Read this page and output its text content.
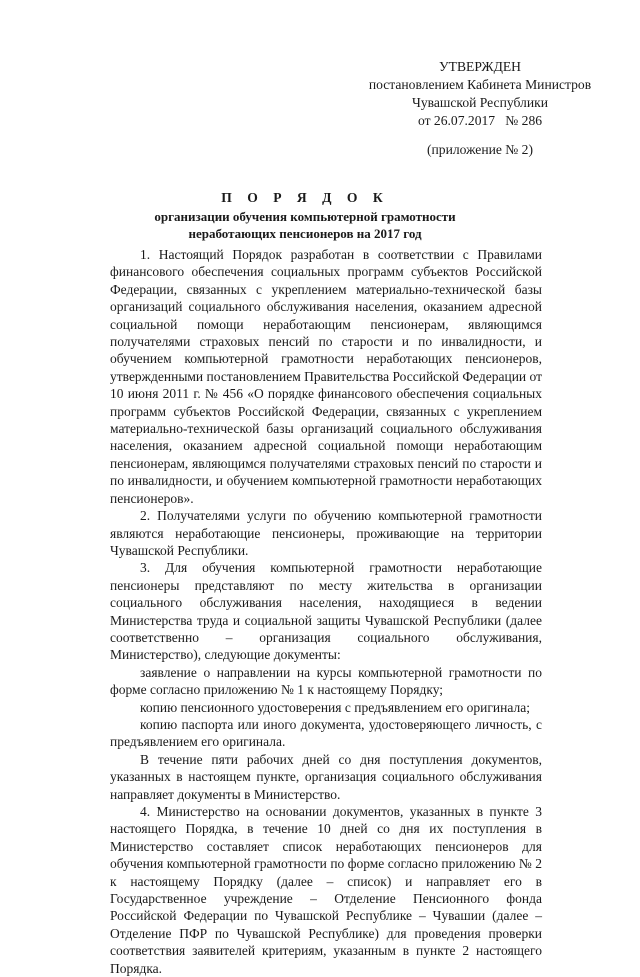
УТВЕРЖДЕН
постановлением Кабинета Министров
Чувашской Республики
от 26.07.2017   № 286
(приложение № 2)
П О Р Я Д О К
организации обучения компьютерной грамотности
неработающих пенсионеров на 2017 год

1. Настоящий Порядок разработан в соответствии с Правилами финансового обеспечения социальных программ субъектов Российской Федерации, связанных с укреплением материально-технической базы организаций социального обслуживания населения, оказанием адресной социальной помощи неработающим пенсионерам, являющимся получателями страховых пенсий по старости и по инвалидности, и обучением компьютерной грамотности неработающих пенсионеров, утвержденными постановлением Правительства Российской Федерации от 10 июня 2011 г. № 456 «О порядке финансового обеспечения социальных программ субъектов Российской Федерации, связанных с укреплением материально-технической базы организаций социального обслуживания населения, оказанием адресной социальной помощи неработающим пенсионерам, являющимся получателями страховых пенсий по старости и по инвалидности, и обучением компьютерной грамотности неработающих пенсионеров».

2. Получателями услуги по обучению компьютерной грамотности являются неработающие пенсионеры, проживающие на территории Чувашской Республики.

3. Для обучения компьютерной грамотности неработающие пенсионеры представляют по месту жительства в организации социального обслуживания населения, находящиеся в ведении Министерства труда и социальной защиты Чувашской Республики (далее соответственно – организация социального обслуживания, Министерство), следующие документы:

заявление о направлении на курсы компьютерной грамотности по форме согласно приложению № 1 к настоящему Порядку;

копию пенсионного удостоверения с предъявлением его оригинала;

копию паспорта или иного документа, удостоверяющего личность, с предъявлением его оригинала.

В течение пяти рабочих дней со дня поступления документов, указанных в настоящем пункте, организация социального обслуживания направляет документы в Министерство.

4. Министерство на основании документов, указанных в пункте 3 настоящего Порядка, в течение 10 дней со дня их поступления в Министерство составляет список неработающих пенсионеров для обучения компьютерной грамотности по форме согласно приложению № 2 к настоящему Порядку (далее – список) и направляет его в Государственное учреждение – Отделение Пенсионного фонда Российской Федерации по Чувашской Республике – Чувашии (далее – Отделение ПФР по Чувашской Республике) для проведения проверки соответствия заявителей критериям, указанным в пункте 2 настоящего Порядка.
